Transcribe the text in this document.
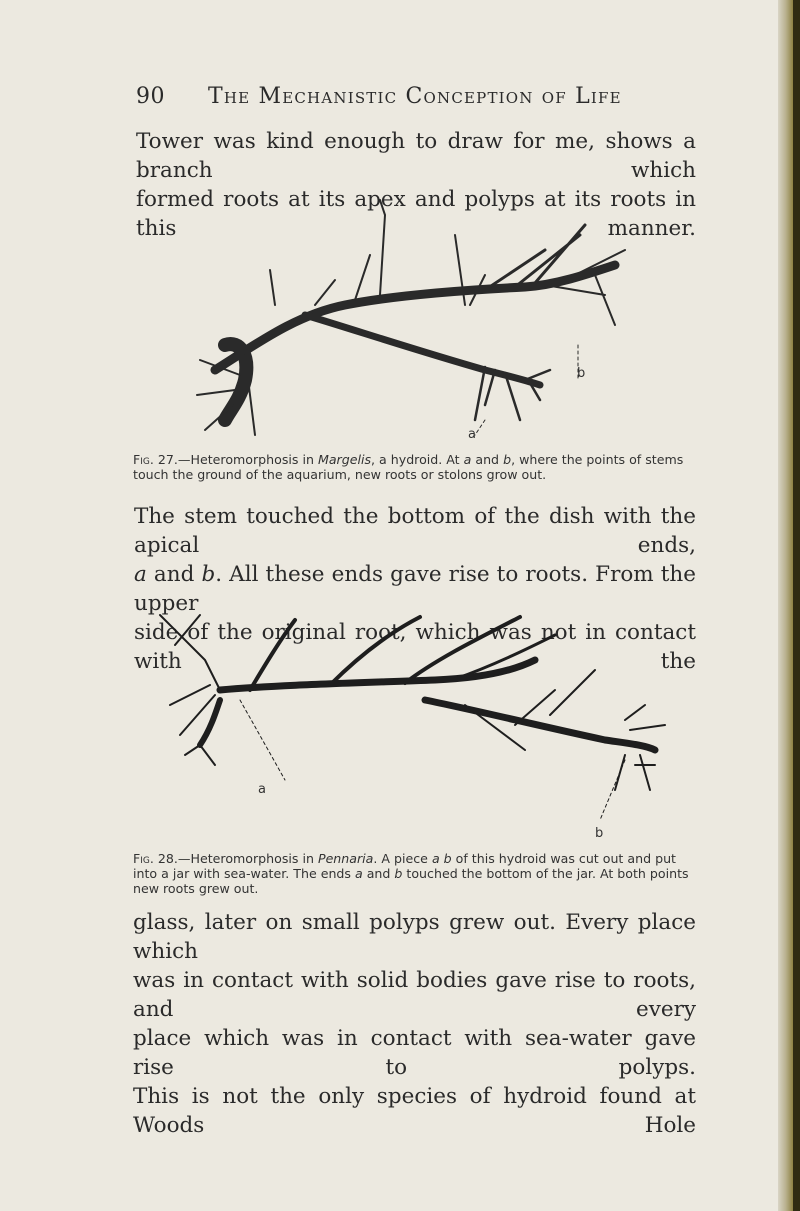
90 The Mechanistic Conception of Life

Tower was kind enough to draw for me, shows a branch which
formed roots at its apex and polyps at its roots in this manner.

a
b

Fig. 27.—Heteromorphosis in Margelis, a hydroid. At a and b, where the points of stems touch the ground of the aquarium, new roots or stolons grow out.

The stem touched the bottom of the dish with the apical ends,
a and b. All these ends gave rise to roots. From the upper
side of the original root, which was not in contact with the

a
b

Fig. 28.—Heteromorphosis in Pennaria. A piece a b of this hydroid was cut out and put into a jar with sea-water. The ends a and b touched the bottom of the jar. At both points new roots grew out.

glass, later on small polyps grew out. Every place which
was in contact with solid bodies gave rise to roots, and every
place which was in contact with sea-water gave rise to polyps.
This is not the only species of hydroid found at Woods Hole
